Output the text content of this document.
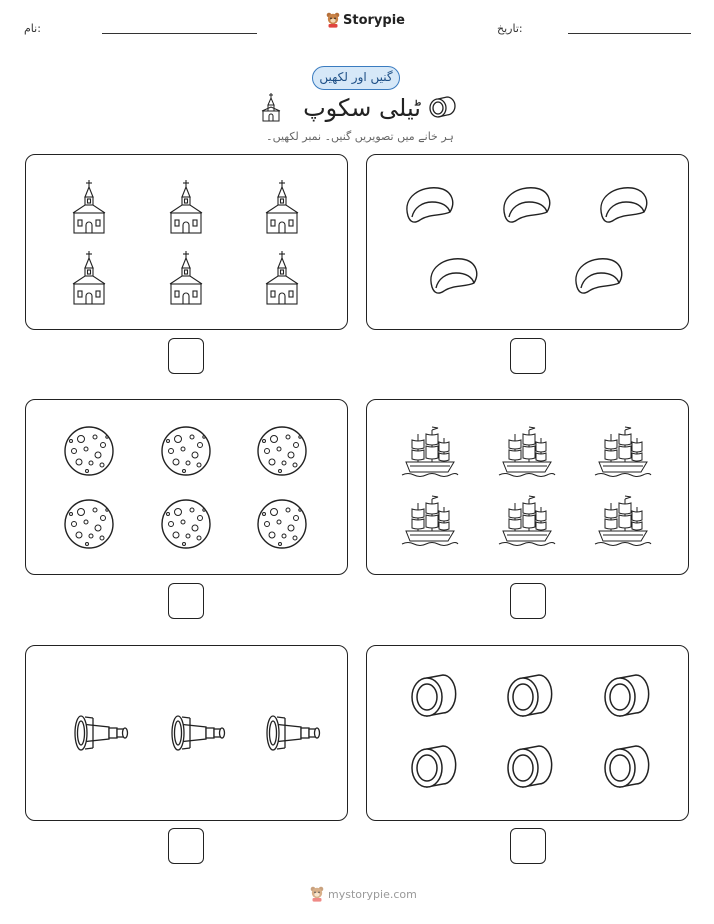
نام:
Storypie
تاریخ:
گنیں اور لکھیں
ٹیلی سکوپ
ہر خانے میں تصویریں گنیں۔ نمبر لکھیں۔
mystorypie.com
